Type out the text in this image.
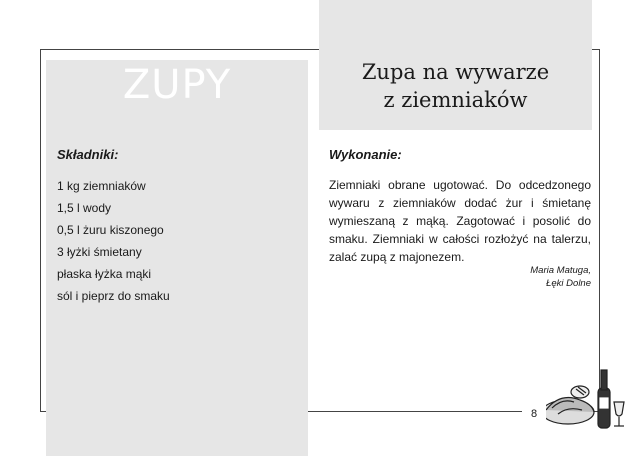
ZUPY	Zupa na wywarze
z ziemniaków
Składniki:
1 kg ziemniaków
1,5 l wody
0,5 l żuru kiszonego
3 łyżki śmietany
płaska łyżka mąki
sól i pieprz do smaku
Wykonanie:

Ziemniaki obrane ugotować. Do odcedzonego wywaru z ziemniaków dodać żur i śmietanę wymieszaną z mąką. Zagotować i posolić do smaku. Ziemniaki w całości rozłożyć na talerzu, zalać zupą z majonezem.

Maria Matuga,
Łęki Dolne
8
